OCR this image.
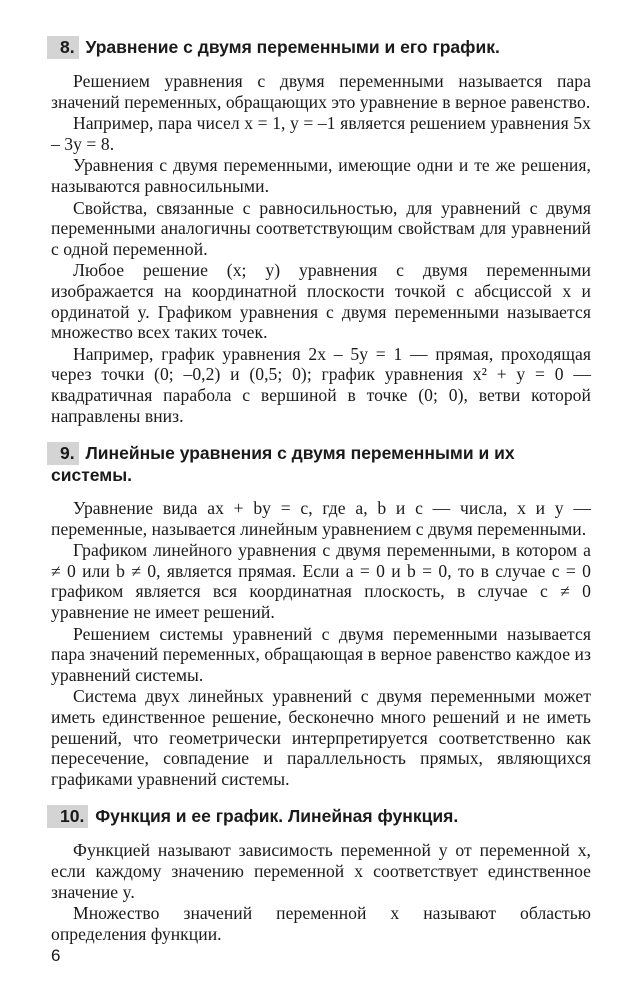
8. Уравнение с двумя переменными и его график.

Решением уравнения с двумя переменными называется пара значений переменных, обращающих это уравнение в верное равенство.

Например, пара чисел x = 1, y = –1 является решением уравнения 5x – 3y = 8.

Уравнения с двумя переменными, имеющие одни и те же решения, называются равносильными.

Свойства, связанные с равносильностью, для уравнений с двумя переменными аналогичны соответствующим свойствам для уравнений с одной переменной.

Любое решение (x; y) уравнения с двумя переменными изображается на координатной плоскости точкой с абсциссой x и ординатой y. Графиком уравнения с двумя переменными называется множество всех таких точек.

Например, график уравнения 2x – 5y = 1 — прямая, проходящая через точки (0; –0,2) и (0,5; 0); график уравнения x² + y = 0 — квадратичная парабола с вершиной в точке (0; 0), ветви которой направлены вниз.

9. Линейные уравнения с двумя переменными и их системы.

Уравнение вида ax + by = c, где a, b и c — числа, x и y — переменные, называется линейным уравнением с двумя переменными.

Графиком линейного уравнения с двумя переменными, в котором a ≠ 0 или b ≠ 0, является прямая. Если a = 0 и b = 0, то в случае c = 0 графиком является вся координатная плоскость, в случае c ≠ 0 уравнение не имеет решений.

Решением системы уравнений с двумя переменными называется пара значений переменных, обращающая в верное равенство каждое из уравнений системы.

Система двух линейных уравнений с двумя переменными может иметь единственное решение, бесконечно много решений и не иметь решений, что геометрически интерпретируется соответственно как пересечение, совпадение и параллельность прямых, являющихся графиками уравнений системы.

10. Функция и ее график. Линейная функция.

Функцией называют зависимость переменной y от переменной x, если каждому значению переменной x соответствует единственное значение y.

Множество значений переменной x называют областью определения функции.

6
